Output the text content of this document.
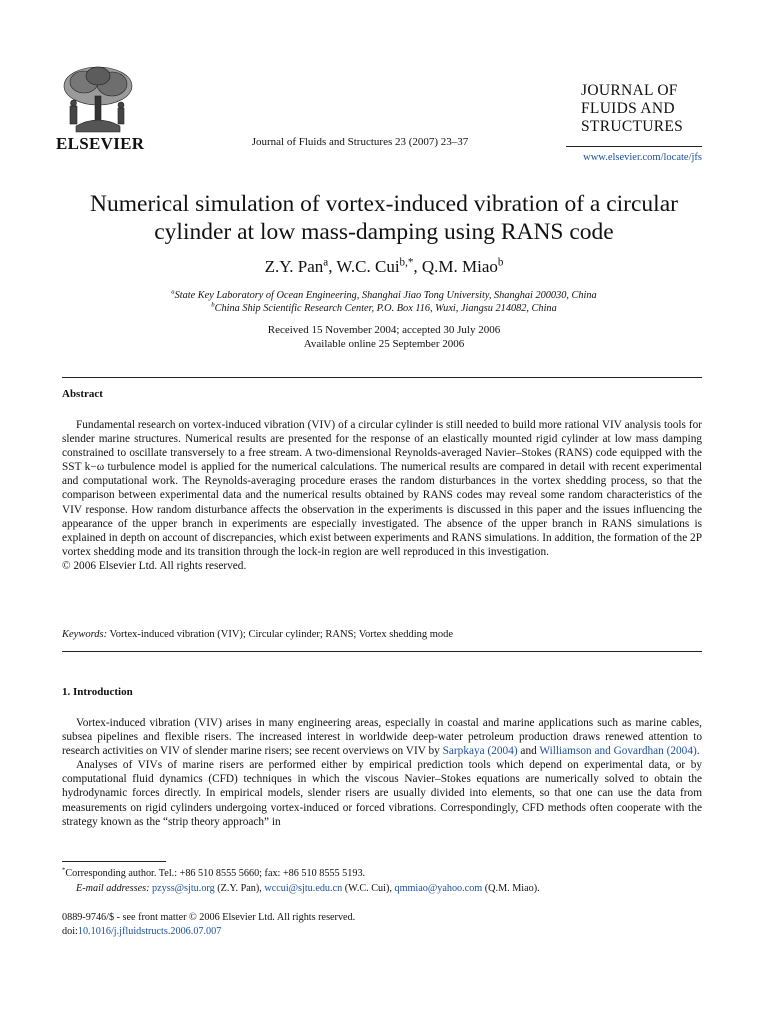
ELSEVIER	Journal of Fluids and Structures 23 (2007) 23–37
JOURNAL OF
FLUIDS AND
STRUCTURES
www.elsevier.com/locate/jfs
Numerical simulation of vortex-induced vibration of a circular
cylinder at low mass-damping using RANS code
Z.Y. Pan$^a$, W.C. Cui$^{b,*}$, Q.M. Miao$^b$
$^a$State Key Laboratory of Ocean Engineering, Shanghai Jiao Tong University, Shanghai 200030, China
$^b$China Ship Scientific Research Center, P.O. Box 116, Wuxi, Jiangsu 214082, China
Received 15 November 2004; accepted 30 July 2006
Available online 25 September 2006
Abstract

Fundamental research on vortex-induced vibration (VIV) of a circular cylinder is still needed to build more rational VIV analysis tools for slender marine structures. Numerical results are presented for the response of an elastically mounted rigid cylinder at low mass damping constrained to oscillate transversely to a free stream. A two-dimensional Reynolds-averaged Navier–Stokes (RANS) code equipped with the SST k−ω turbulence model is applied for the numerical calculations. The numerical results are compared in detail with recent experimental and computational work. The Reynolds-averaging procedure erases the random disturbances in the vortex shedding process, so that the comparison between experimental data and the numerical results obtained by RANS codes may reveal some random characteristics of the VIV response. How random disturbance affects the observation in the experiments is discussed in this paper and the issues influencing the appearance of the upper branch in experiments are especially investigated. The absence of the upper branch in RANS simulations is explained in depth on account of discrepancies, which exist between experiments and RANS simulations. In addition, the formation of the 2P vortex shedding mode and its transition through the lock-in region are well reproduced in this investigation.

© 2006 Elsevier Ltd. All rights reserved.
Keywords: Vortex-induced vibration (VIV); Circular cylinder; RANS; Vortex shedding mode
1. Introduction

Vortex-induced vibration (VIV) arises in many engineering areas, especially in coastal and marine applications such as marine cables, subsea pipelines and flexible risers. The increased interest in worldwide deep-water petroleum production draws renewed attention to research activities on VIV of slender marine risers; see recent overviews on VIV by Sarpkaya (2004) and Williamson and Govardhan (2004).

Analyses of VIVs of marine risers are performed either by empirical prediction tools which depend on experimental data, or by computational fluid dynamics (CFD) techniques in which the viscous Navier–Stokes equations are numerically solved to obtain the hydrodynamic forces directly. In empirical models, slender risers are usually divided into elements, so that one can use the data from measurements on rigid cylinders undergoing vortex-induced or forced vibrations. Correspondingly, CFD methods often cooperate with the strategy known as the “strip theory approach” in

*Corresponding author. Tel.: +86 510 8555 5660; fax: +86 510 8555 5193.
E-mail addresses: pzyss@sjtu.org (Z.Y. Pan), wccui@sjtu.edu.cn (W.C. Cui), qmmiao@yahoo.com (Q.M. Miao).
0889-9746/$ - see front matter © 2006 Elsevier Ltd. All rights reserved.
doi:10.1016/j.jfluidstructs.2006.07.007
